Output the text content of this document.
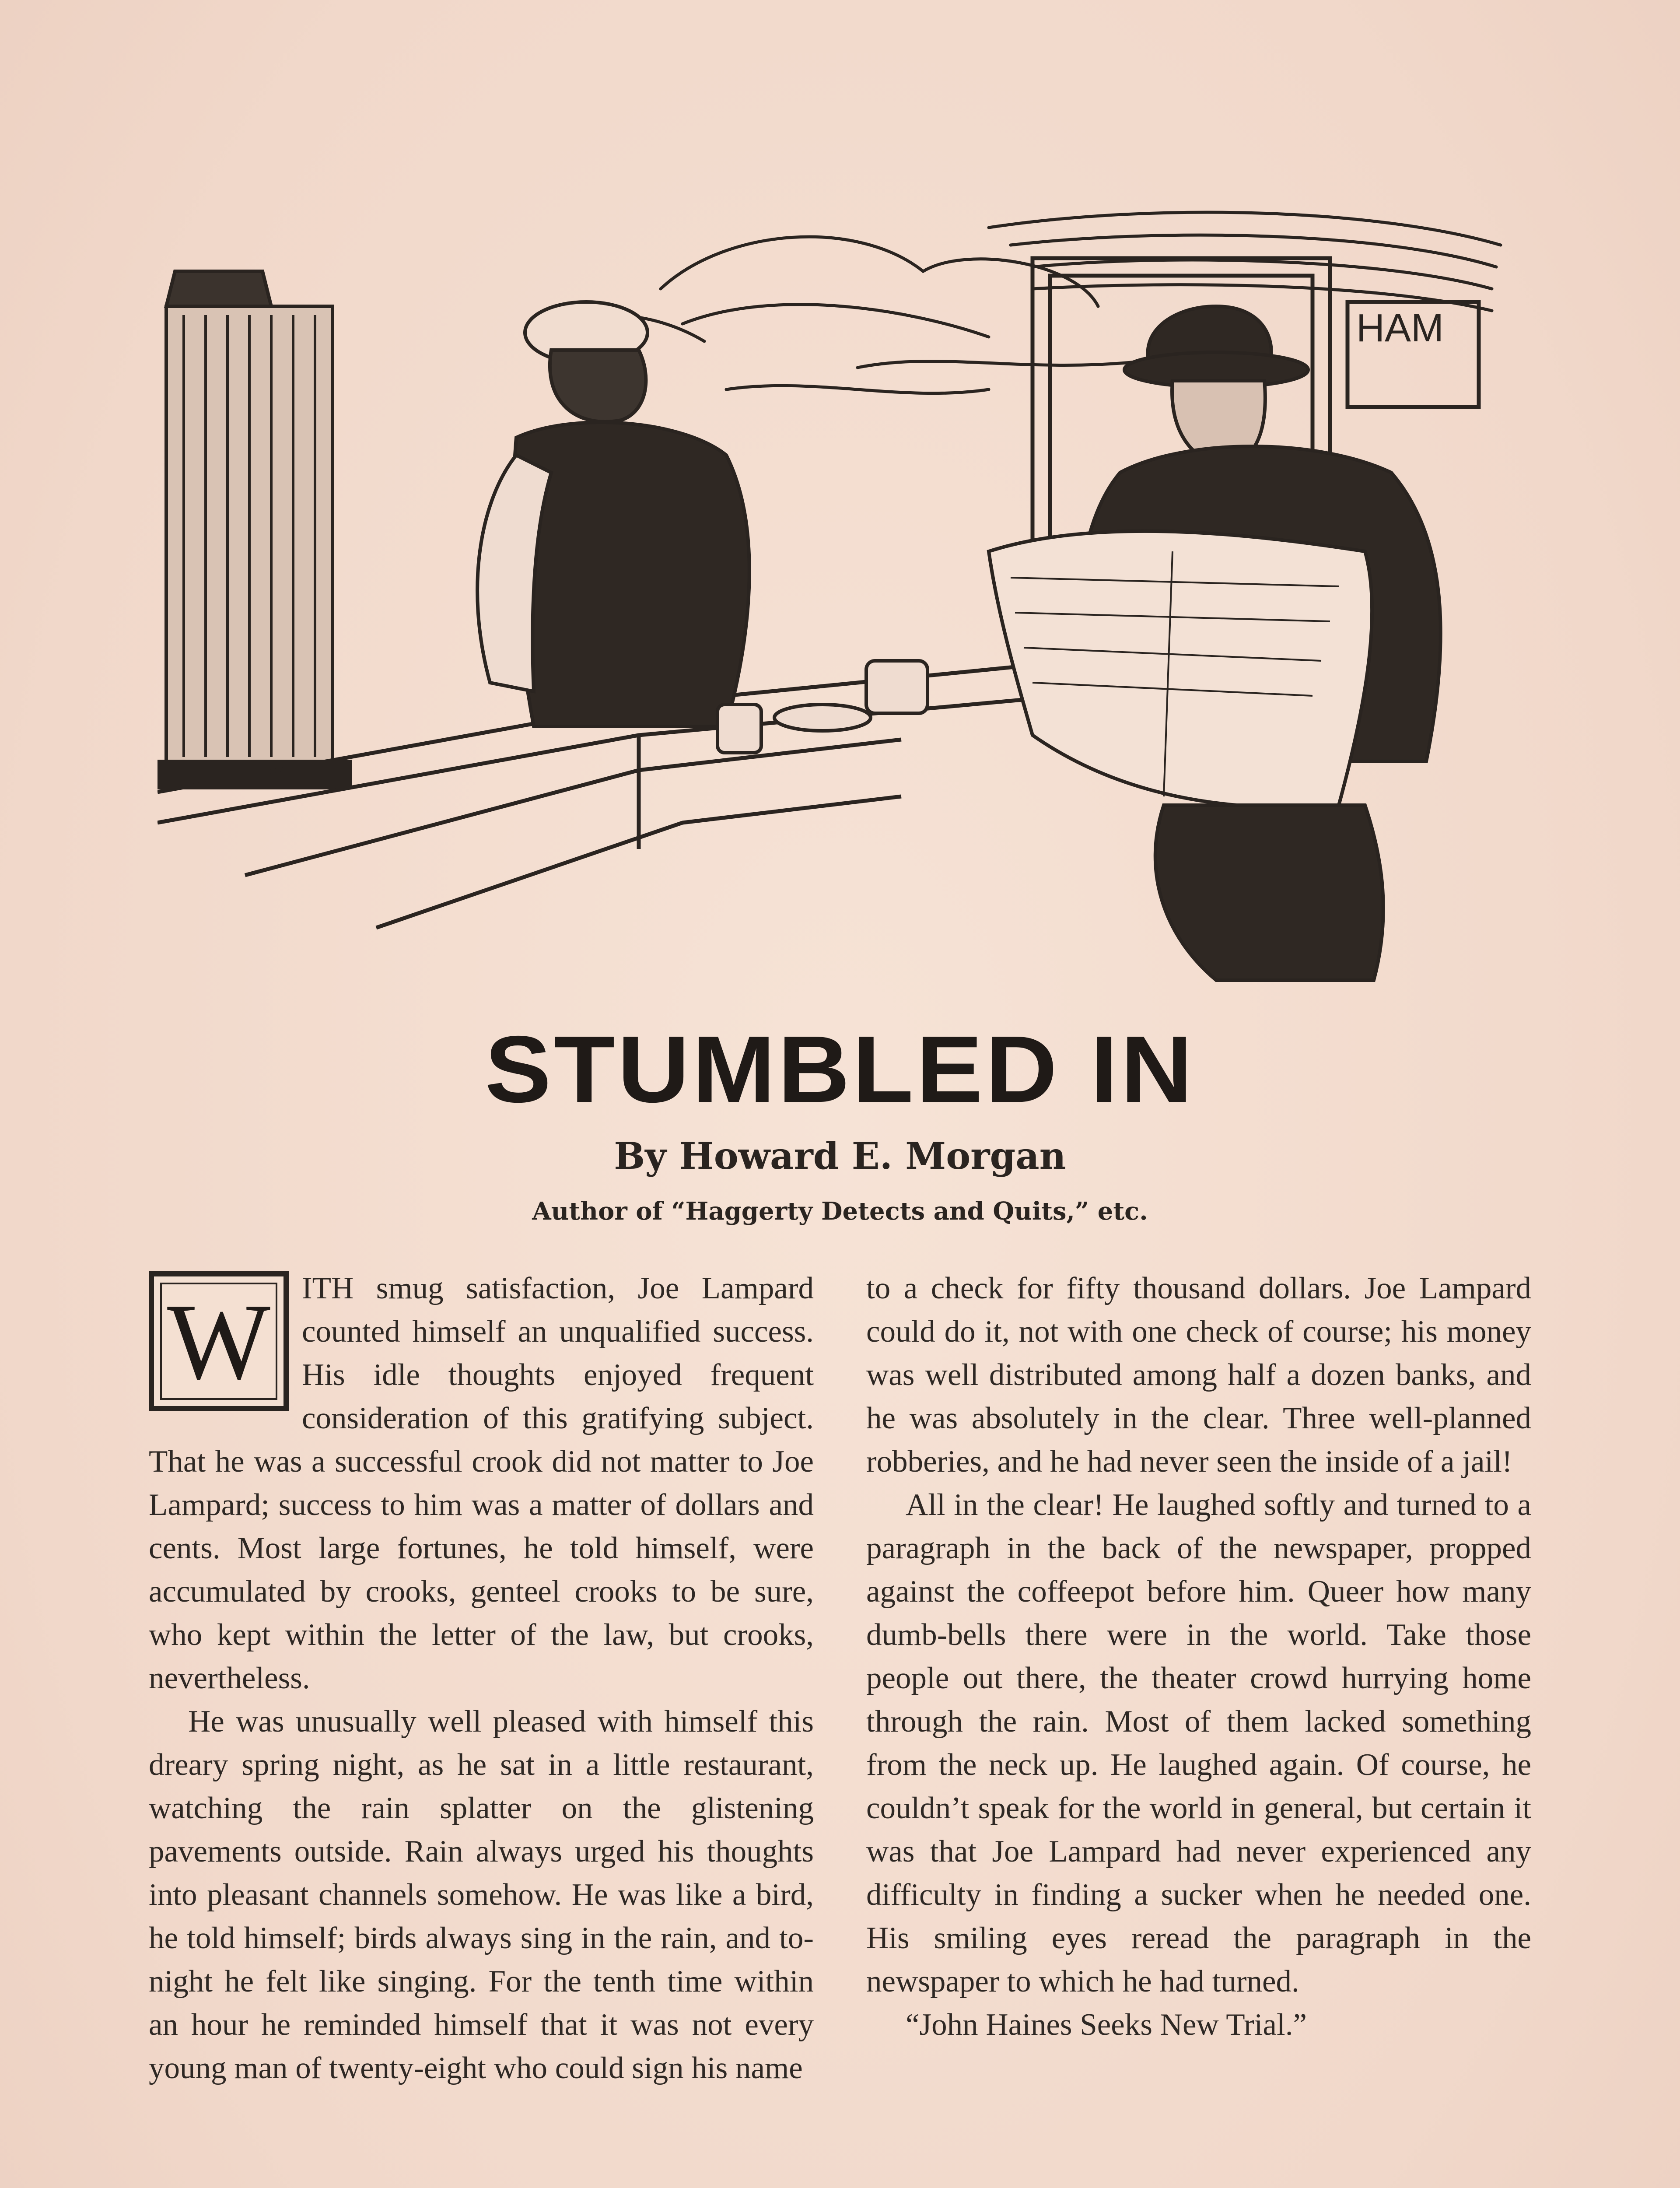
HAM
STUMBLED IN
By Howard E. Morgan
Author of “Haggerty Detects and Quits,” etc.
W	ITH smug satisfaction, Joe Lampard counted himself an unqualified success. His idle thoughts enjoyed frequent consideration of this gratifying subject. That he was a successful crook did not matter to Joe Lampard; success to him was a matter of dollars and cents. Most large fortunes, he told himself, were accumulated by crooks, genteel crooks to be sure, who kept within the letter of the law, but crooks, nevertheless.

He was unusually well pleased with himself this dreary spring night, as he sat in a little restaurant, watching the rain splatter on the glistening pavements outside. Rain always urged his thoughts into pleasant channels somehow. He was like a bird, he told himself; birds always sing in the rain, and to-night he felt like singing. For the tenth time within an hour he reminded himself that it was not every young man of twenty-eight who could sign his name

to a check for fifty thousand dollars. Joe Lampard could do it, not with one check of course; his money was well distributed among half a dozen banks, and he was absolutely in the clear. Three well-planned robberies, and he had never seen the inside of a jail!

All in the clear! He laughed softly and turned to a paragraph in the back of the newspaper, propped against the coffeepot before him. Queer how many dumb-bells there were in the world. Take those people out there, the theater crowd hurrying home through the rain. Most of them lacked something from the neck up. He laughed again. Of course, he couldn’t speak for the world in general, but certain it was that Joe Lampard had never experienced any difficulty in finding a sucker when he needed one. His smiling eyes reread the paragraph in the newspaper to which he had turned.

“John Haines Seeks New Trial.”
